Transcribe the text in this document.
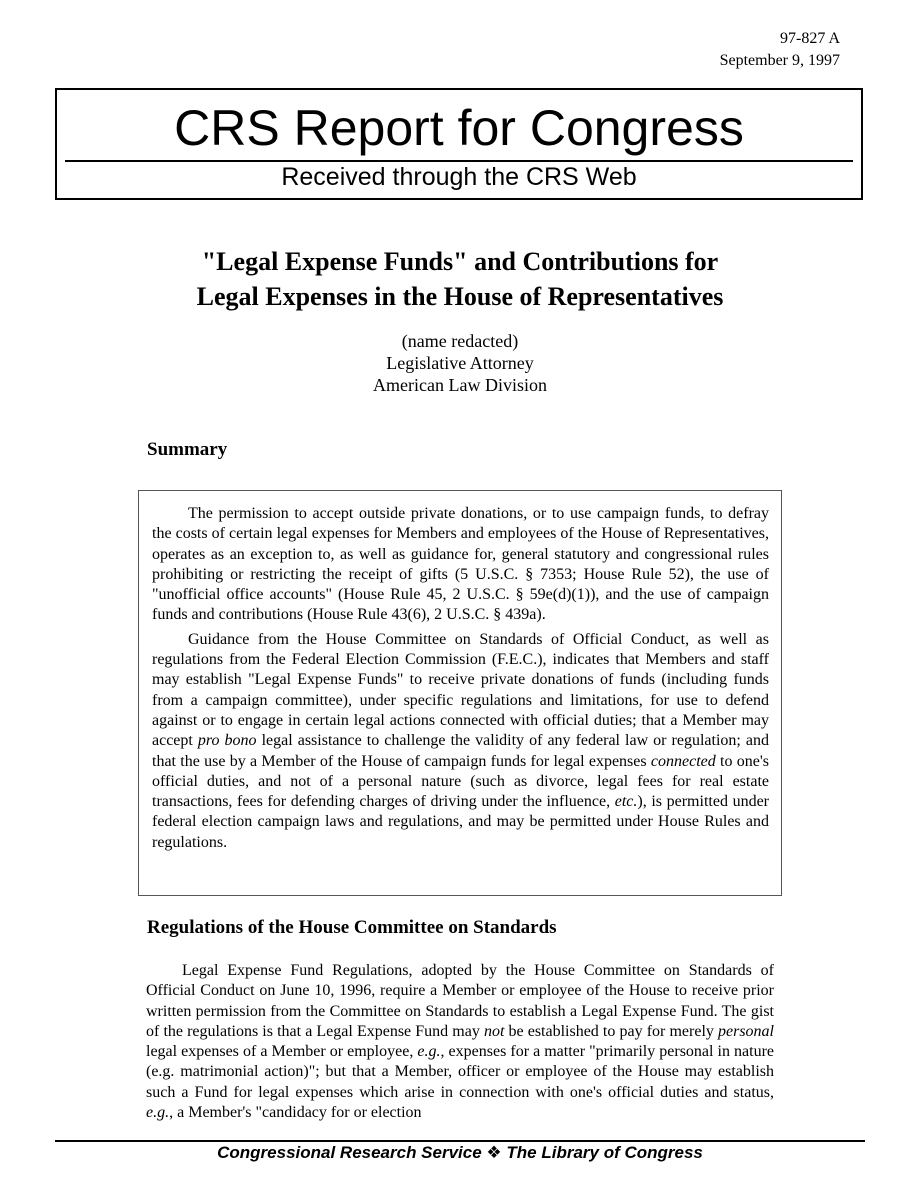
97-827 A
September 9, 1997
CRS Report for Congress
Received through the CRS Web
"Legal Expense Funds" and Contributions for
Legal Expenses in the House of Representatives
(name redacted)
Legislative Attorney
American Law Division
Summary

The permission to accept outside private donations, or to use campaign funds, to defray the costs of certain legal expenses for Members and employees of the House of Representatives, operates as an exception to, as well as guidance for, general statutory and congressional rules prohibiting or restricting the receipt of gifts (5 U.S.C. § 7353; House Rule 52), the use of "unofficial office accounts" (House Rule 45, 2 U.S.C. § 59e(d)(1)), and the use of campaign funds and contributions (House Rule 43(6), 2 U.S.C. § 439a).

Guidance from the House Committee on Standards of Official Conduct, as well as regulations from the Federal Election Commission (F.E.C.), indicates that Members and staff may establish "Legal Expense Funds" to receive private donations of funds (including funds from a campaign committee), under specific regulations and limitations, for use to defend against or to engage in certain legal actions connected with official duties; that a Member may accept pro bono legal assistance to challenge the validity of any federal law or regulation; and that the use by a Member of the House of campaign funds for legal expenses connected to one's official duties, and not of a personal nature (such as divorce, legal fees for real estate transactions, fees for defending charges of driving under the influence, etc.), is permitted under federal election campaign laws and regulations, and may be permitted under House Rules and regulations.

Regulations of the House Committee on Standards

Legal Expense Fund Regulations, adopted by the House Committee on Standards of Official Conduct on June 10, 1996, require a Member or employee of the House to receive prior written permission from the Committee on Standards to establish a Legal Expense Fund. The gist of the regulations is that a Legal Expense Fund may not be established to pay for merely personal legal expenses of a Member or employee, e.g., expenses for a matter "primarily personal in nature (e.g. matrimonial action)"; but that a Member, officer or employee of the House may establish such a Fund for legal expenses which arise in connection with one's official duties and status, e.g., a Member's "candidacy for or election

Congressional Research Service ❖ The Library of Congress
